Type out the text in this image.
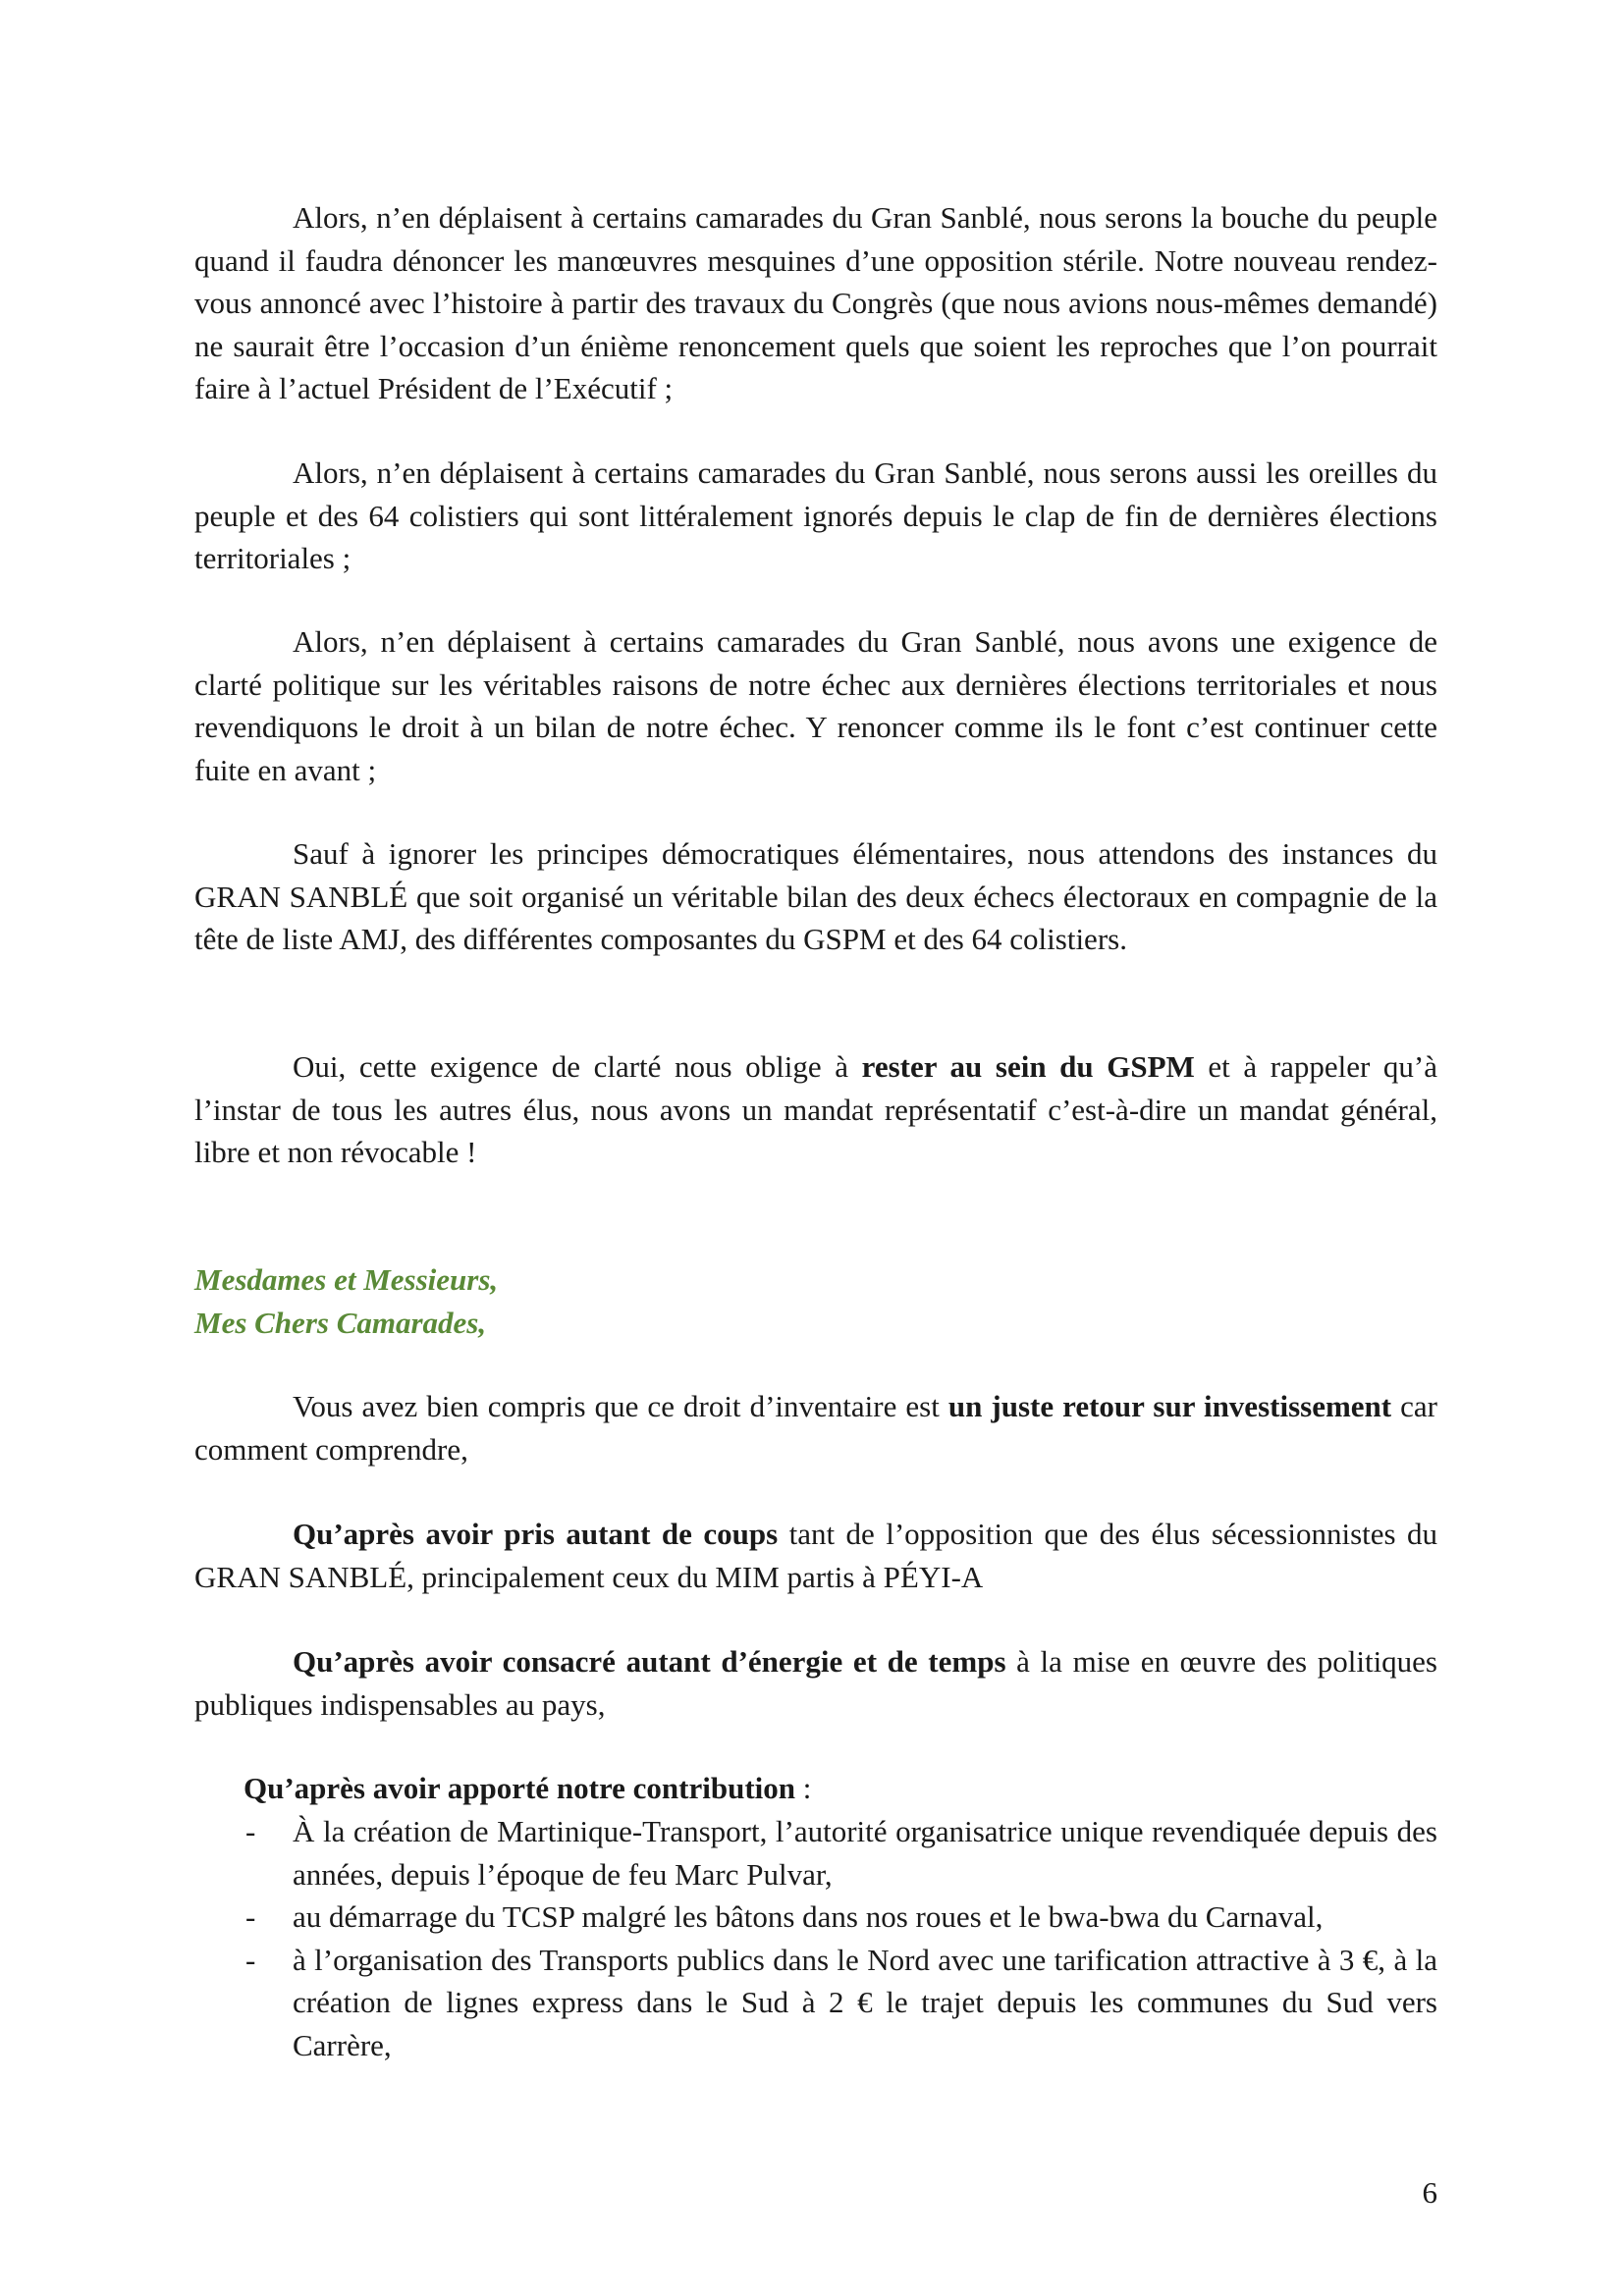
Alors, n’en déplaisent à certains camarades du Gran Sanblé, nous serons la bouche du peuple quand il faudra dénoncer les manœuvres mesquines d’une opposition stérile. Notre nouveau rendez-vous annoncé avec l’histoire à partir des travaux du Congrès (que nous avions nous-mêmes demandé) ne saurait être l’occasion d’un énième renoncement quels que soient les reproches que l’on pourrait faire à l’actuel Président de l’Exécutif ;

Alors, n’en déplaisent à certains camarades du Gran Sanblé, nous serons aussi les oreilles du peuple et des 64 colistiers qui sont littéralement ignorés depuis le clap de fin de dernières élections territoriales ;

Alors, n’en déplaisent à certains camarades du Gran Sanblé, nous avons une exigence de clarté politique sur les véritables raisons de notre échec aux dernières élections territoriales et nous revendiquons le droit à un bilan de notre échec. Y renoncer comme ils le font c’est continuer cette fuite en avant ;

Sauf à ignorer les principes démocratiques élémentaires, nous attendons des instances du GRAN SANBLÉ que soit organisé un véritable bilan des deux échecs électoraux en compagnie de la tête de liste AMJ, des différentes composantes du GSPM et des 64 colistiers.

Oui, cette exigence de clarté nous oblige à rester au sein du GSPM et à rappeler qu’à l’instar de tous les autres élus, nous avons un mandat représentatif c’est-à-dire un mandat général, libre et non révocable !

Mesdames et Messieurs,

Mes Chers Camarades,

Vous avez bien compris que ce droit d’inventaire est un juste retour sur investissement car comment comprendre,

Qu’après avoir pris autant de coups tant de l’opposition que des élus sécessionnistes du GRAN SANBLÉ, principalement ceux du MIM partis à PÉYI-A

Qu’après avoir consacré autant d’énergie et de temps à la mise en œuvre des politiques publiques indispensables au pays,

Qu’après avoir apporté notre contribution :

- À la création de Martinique-Transport, l’autorité organisatrice unique revendiquée depuis des années, depuis l’époque de feu Marc Pulvar,
- au démarrage du TCSP malgré les bâtons dans nos roues et le bwa-bwa du Carnaval,
- à l’organisation des Transports publics dans le Nord avec une tarification attractive à 3 €, à la création de lignes express dans le Sud à 2 € le trajet depuis les communes du Sud vers Carrère,
6
